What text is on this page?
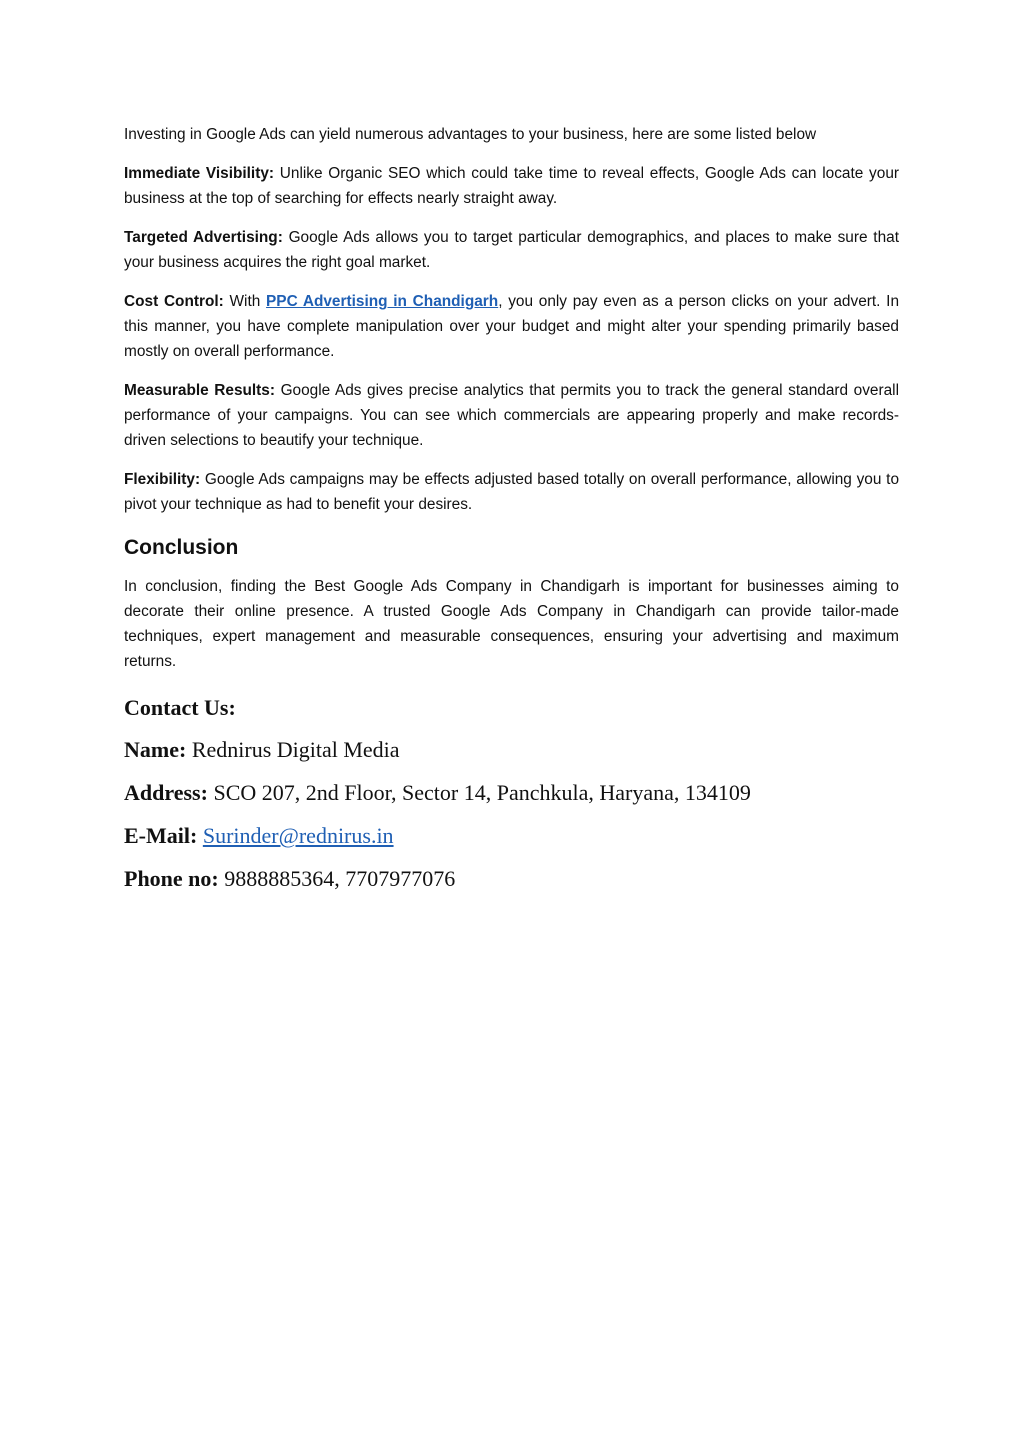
Investing in Google Ads can yield numerous advantages to your business, here are some listed below

Immediate Visibility: Unlike Organic SEO which could take time to reveal effects, Google Ads can locate your business at the top of searching for effects nearly straight away.

Targeted Advertising: Google Ads allows you to target particular demographics, and places to make sure that your business acquires the right goal market.

Cost Control: With PPC Advertising in Chandigarh, you only pay even as a person clicks on your advert. In this manner, you have complete manipulation over your budget and might alter your spending primarily based mostly on overall performance.

Measurable Results: Google Ads gives precise analytics that permits you to track the general standard overall performance of your campaigns. You can see which commercials are appearing properly and make records-driven selections to beautify your technique.

Flexibility: Google Ads campaigns may be effects adjusted based totally on overall performance, allowing you to pivot your technique as had to benefit your desires.

Conclusion

In conclusion, finding the Best Google Ads Company in Chandigarh is important for businesses aiming to decorate their online presence. A trusted Google Ads Company in Chandigarh can provide tailor-made techniques, expert management and measurable consequences, ensuring your advertising and maximum returns.

Contact Us:

Name: Rednirus Digital Media

Address: SCO 207, 2nd Floor, Sector 14, Panchkula, Haryana, 134109

E-Mail: Surinder@rednirus.in

Phone no: 9888885364, 7707977076
